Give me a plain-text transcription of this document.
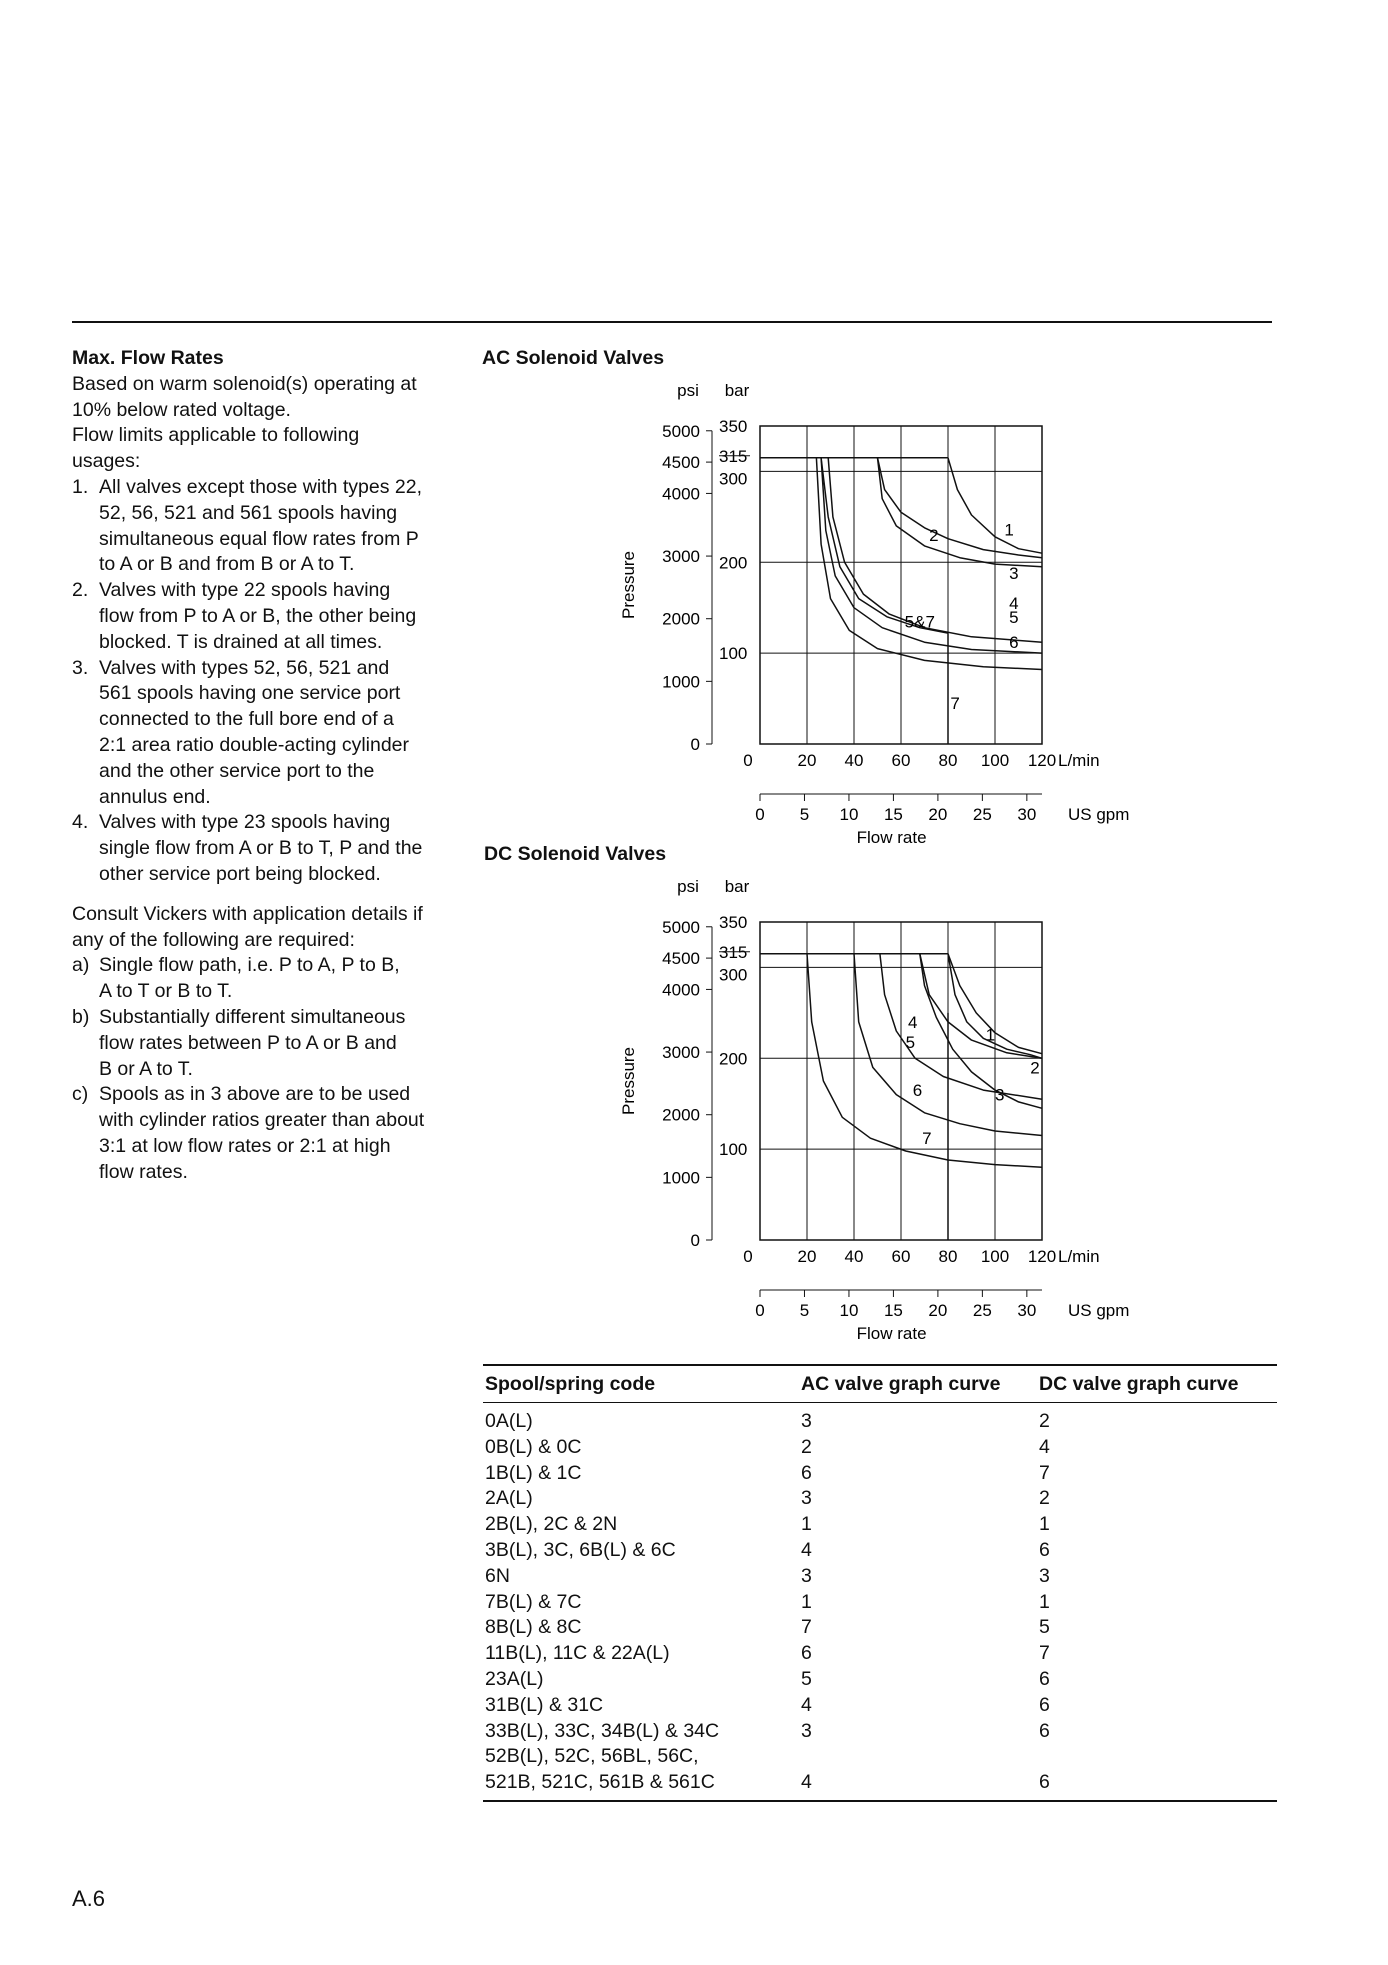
Max. Flow Rates

Based on warm solenoid(s) operating at

10% below rated voltage.

Flow limits applicable to following

usages:

1. All valves except those with types 22,

52, 56, 521 and 561 spools having

simultaneous equal flow rates from P

to A or B and from B or A to T.

2. Valves with type 22 spools having

flow from P to A or B, the other being

blocked. T is drained at all times.

3. Valves with types 52, 56, 521 and

561 spools having one service port

connected to the full bore end of a

2:1 area ratio double-acting cylinder

and the other service port to the

annulus end.

4. Valves with type 23 spools having

single flow from A or B to T, P and the

other service port being blocked.

Consult Vickers with application details if

any of the following are required:

a) Single flow path, i.e. P to A, P to B,

A to T or B to T.

b) Substantially different simultaneous

flow rates between P to A or B and

B or A to T.

c) Spools as in 3 above are to be used

with cylinder ratios greater than about

3:1 at low flow rates or 2:1 at high

flow rates.

AC Solenoid Valves
psi bar
5000
4500
4000
3000
2000
1000
0
350
315
300
200
100
Pressure
0	20 40 60 80 100 120 L/min
0 5 10 15 20 25 30 US gpm
Flow rate
1
2
3
4
5
6
5&7
7
DC Solenoid Valves
psi bar
5000
4500
4000
3000
2000
1000
0
350
315
300
200
100
Pressure
0	20 40 60 80 100 120 L/min
0 5 10 15 20 25 30 US gpm
Flow rate
1
2
3
4
5
6
7
Spool/spring code	AC valve graph curve	DC valve graph curve
0A(L)	3	2
0B(L) & 0C	2	4
1B(L) & 1C	6	7
2A(L)	3	2
2B(L), 2C & 2N	1	1
3B(L), 3C, 6B(L) & 6C	4	6
6N	3	3
7B(L) & 7C	1	1
8B(L) & 8C	7	5
11B(L), 11C & 22A(L)	6	7
23A(L)	5	6
31B(L) & 31C	4	6
33B(L), 33C, 34B(L) & 34C	3	6
52B(L), 52C, 56BL, 56C,
521B, 521C, 561B & 561C	4	6
A.6
